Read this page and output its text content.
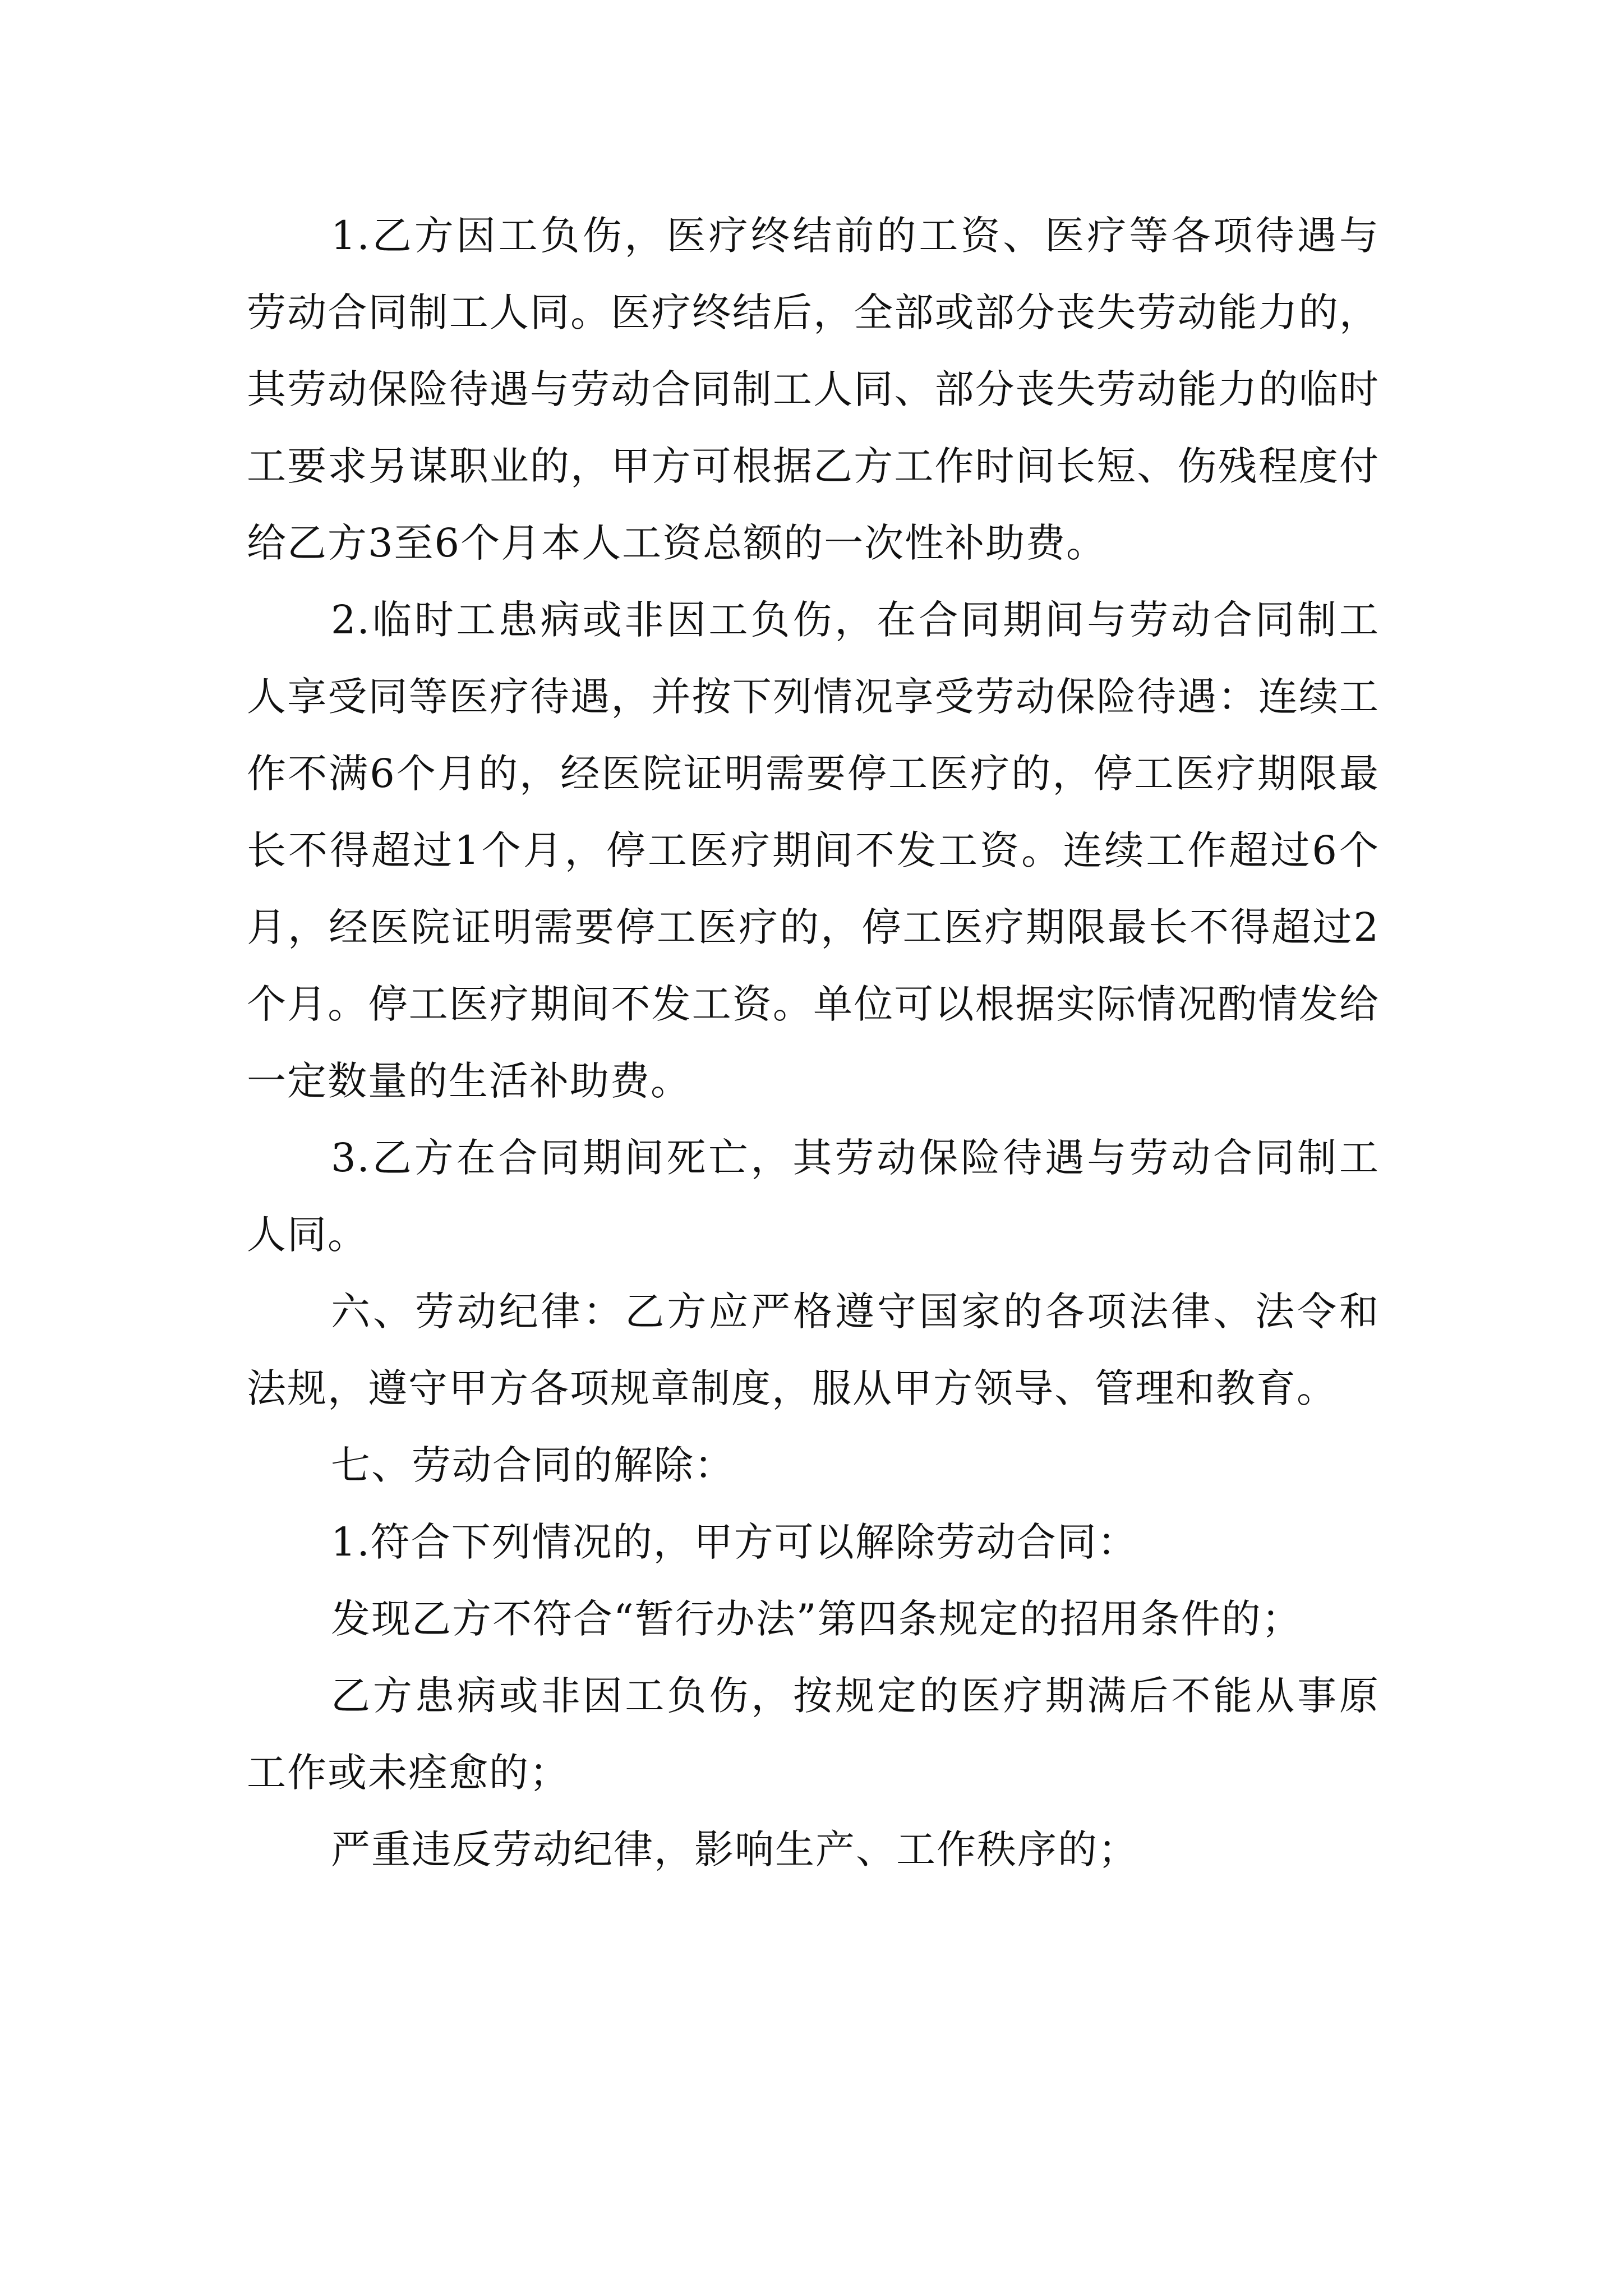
1.乙方因工负伤，医疗终结前的工资、医疗等各项待遇与劳动合同制工人同。医疗终结后，全部或部分丧失劳动能力的，其劳动保险待遇与劳动合同制工人同、部分丧失劳动能力的临时工要求另谋职业的，甲方可根据乙方工作时间长短、伤残程度付给乙方3至6个月本人工资总额的一次性补助费。

2.临时工患病或非因工负伤，在合同期间与劳动合同制工人享受同等医疗待遇，并按下列情况享受劳动保险待遇：连续工作不满6个月的，经医院证明需要停工医疗的，停工医疗期限最长不得超过1个月，停工医疗期间不发工资。连续工作超过6个月，经医院证明需要停工医疗的，停工医疗期限最长不得超过2个月。停工医疗期间不发工资。单位可以根据实际情况酌情发给一定数量的生活补助费。

3.乙方在合同期间死亡，其劳动保险待遇与劳动合同制工人同。

六、劳动纪律：乙方应严格遵守国家的各项法律、法令和法规，遵守甲方各项规章制度，服从甲方领导、管理和教育。

七、劳动合同的解除：

1.符合下列情况的，甲方可以解除劳动合同：

发现乙方不符合“暂行办法”第四条规定的招用条件的；

乙方患病或非因工负伤，按规定的医疗期满后不能从事原工作或未痊愈的；

严重违反劳动纪律，影响生产、工作秩序的；
